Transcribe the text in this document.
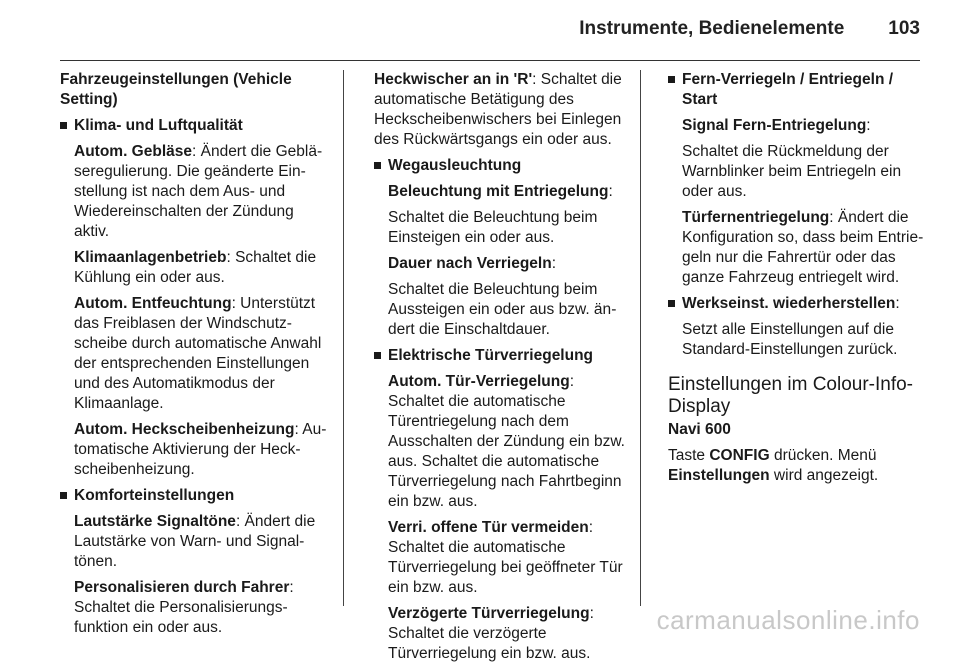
Instrumente, Bedienelemente 103

Fahrzeugeinstellungen (Vehicle Setting)

Klima- und Luftqualität

Autom. Gebläse: Ändert die Gebläseregulierung. Die geänderte Einstellung ist nach dem Aus- und Wiedereinschalten der Zündung aktiv.

Klimaanlagenbetrieb: Schaltet die Kühlung ein oder aus.

Autom. Entfeuchtung: Unterstützt das Freiblasen der Windschutzscheibe durch automatische Anwahl der entsprechenden Einstellungen und des Automatikmodus der Klimaanlage.

Autom. Heckscheibenheizung: Automatische Aktivierung der Heckscheibenheizung.

Komforteinstellungen

Lautstärke Signaltöne: Ändert die Lautstärke von Warn- und Signaltönen.

Personalisieren durch Fahrer: Schaltet die Personalisierungsfunktion ein oder aus.

Heckwischer an in 'R': Schaltet die automatische Betätigung des Heckscheibenwischers bei Einlegen des Rückwärtsgangs ein oder aus.

Wegausleuchtung

Beleuchtung mit Entriegelung:

Schaltet die Beleuchtung beim Einsteigen ein oder aus.

Dauer nach Verriegeln:

Schaltet die Beleuchtung beim Aussteigen ein oder aus bzw. ändert die Einschaltdauer.

Elektrische Türverriegelung

Autom. Tür-Verriegelung: Schaltet die automatische Türentriegelung nach dem Ausschalten der Zündung ein bzw. aus. Schaltet die automatische Türverriegelung nach Fahrtbeginn ein bzw. aus.

Verri. offene Tür vermeiden: Schaltet die automatische Türverriegelung bei geöffneter Tür ein bzw. aus.

Verzögerte Türverriegelung: Schaltet die verzögerte Türverriegelung ein bzw. aus.

Fern-Verriegeln / Entriegeln / Start

Signal Fern-Entriegelung:

Schaltet die Rückmeldung der Warnblinker beim Entriegeln ein oder aus.

Türfernentriegelung: Ändert die Konfiguration so, dass beim Entriegeln nur die Fahrertür oder das ganze Fahrzeug entriegelt wird.

Werkseinst. wiederherstellen:

Setzt alle Einstellungen auf die Standard-Einstellungen zurück.

Einstellungen im Colour-Info-Display

Navi 600

Taste CONFIG drücken. Menü Einstellungen wird angezeigt.

carmanualsonline.info
